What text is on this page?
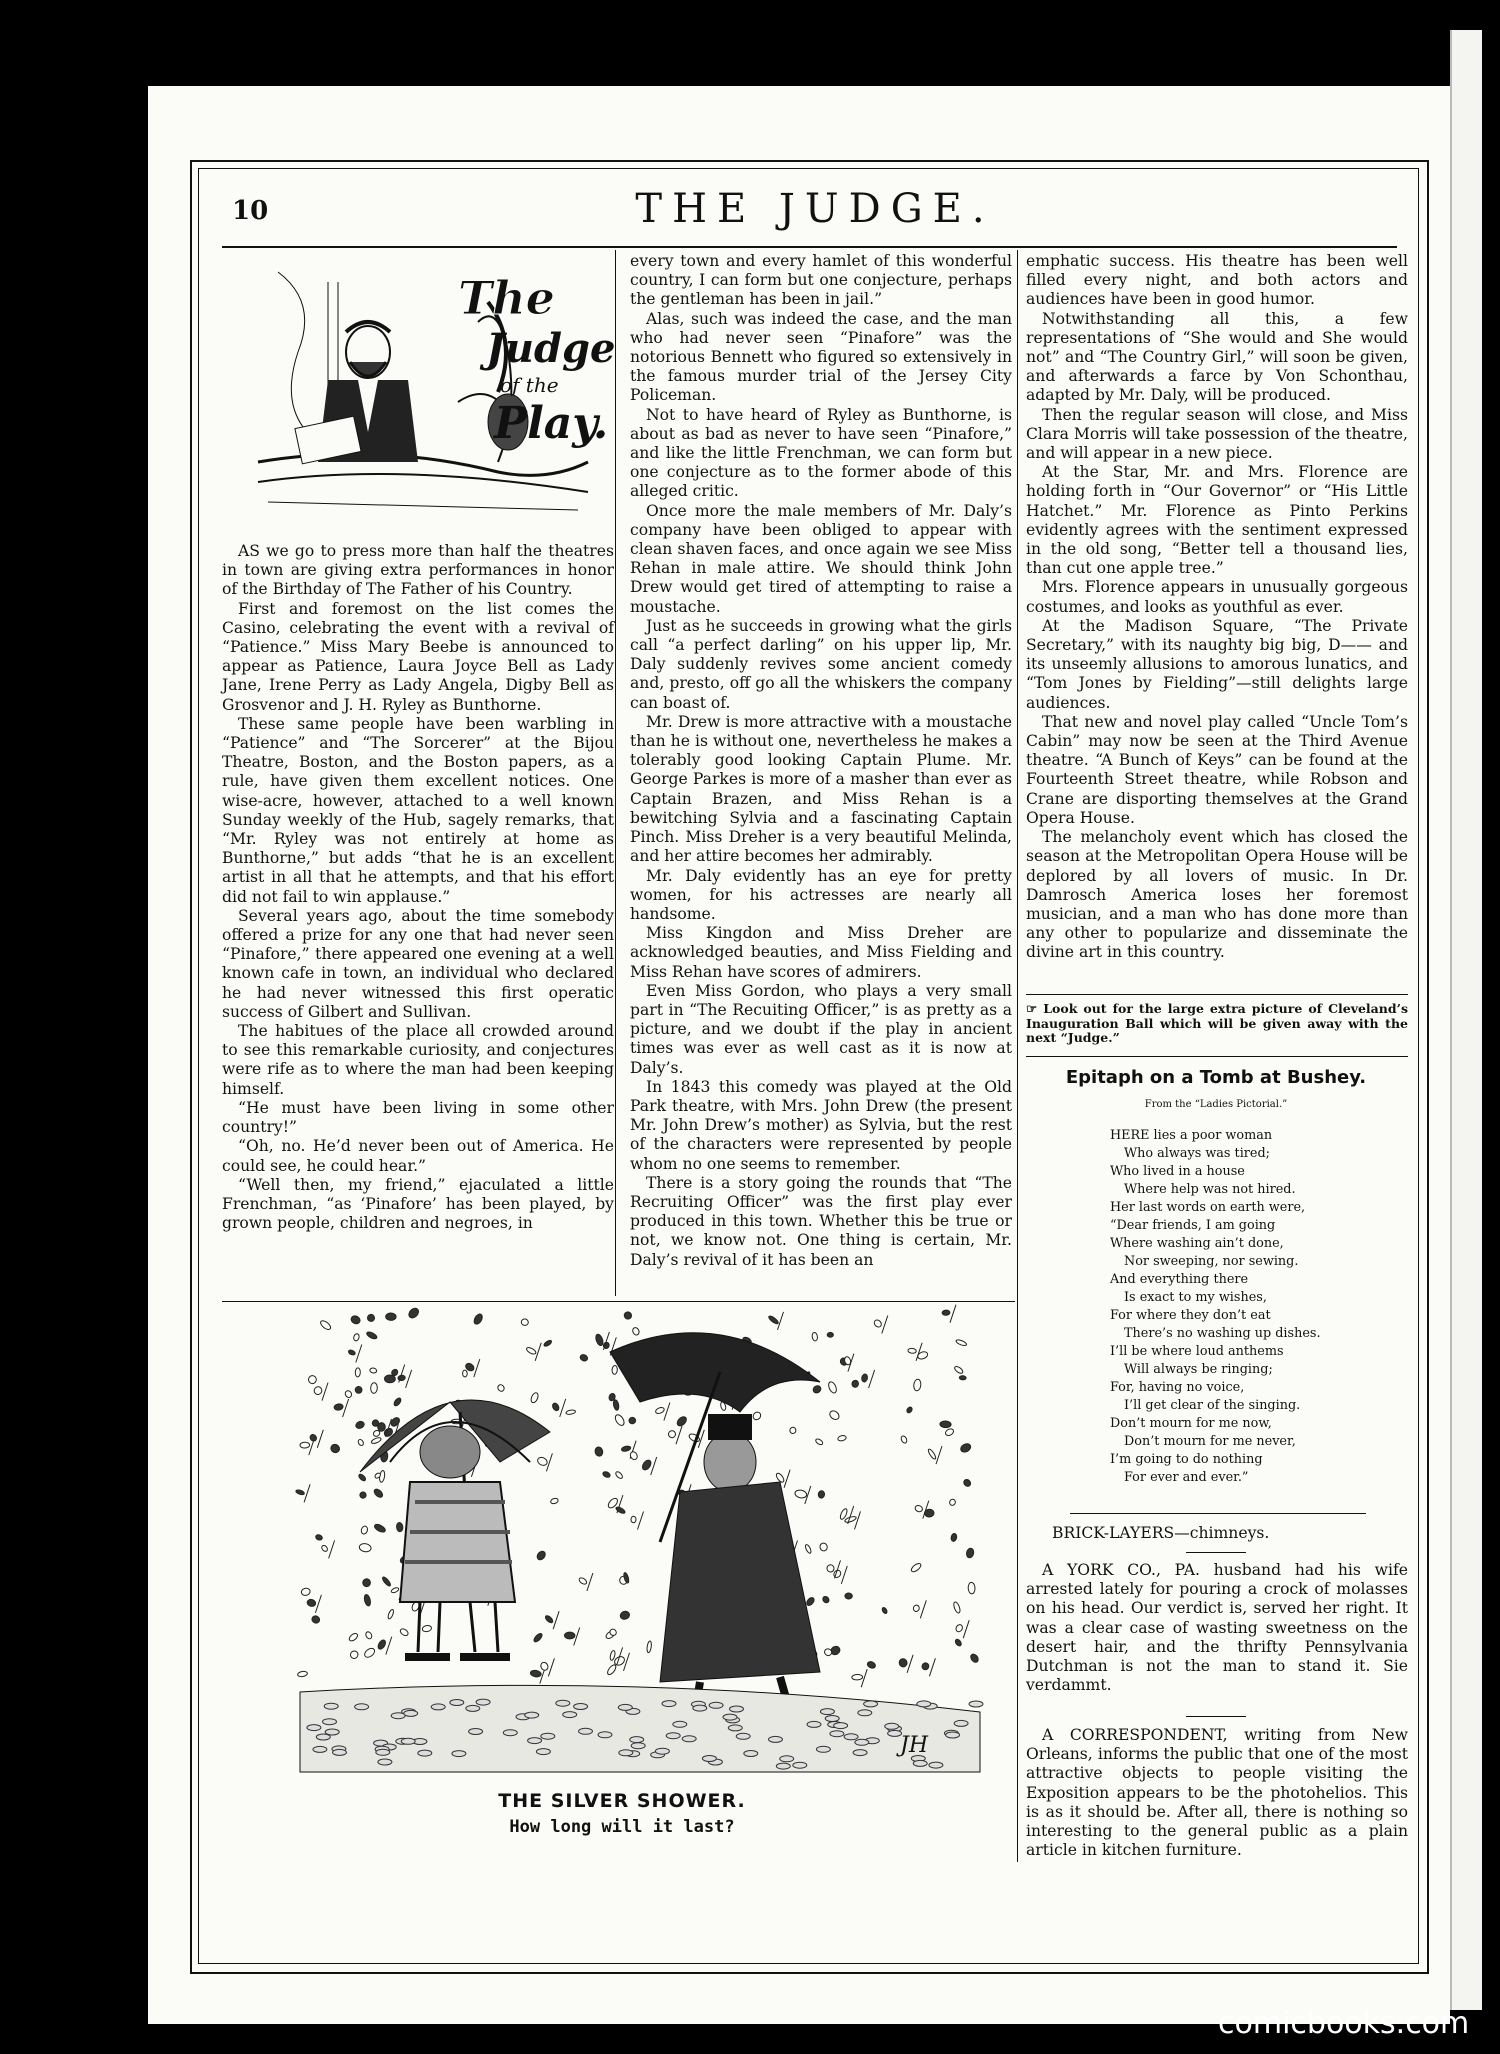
10	THE JUDGE.
The
Judge
of the
Play.

AS we go to press more than half the theatres in town are giving extra performances in honor of the Birthday of The Father of his Country.

First and foremost on the list comes the Casino, celebrating the event with a revival of “Patience.” Miss Mary Beebe is announced to appear as Patience, Laura Joyce Bell as Lady Jane, Irene Perry as Lady Angela, Digby Bell as Grosvenor and J. H. Ryley as Bunthorne.

These same people have been warbling in “Patience” and “The Sorcerer” at the Bijou Theatre, Boston, and the Boston papers, as a rule, have given them excellent notices. One wise-acre, however, attached to a well known Sunday weekly of the Hub, sagely remarks, that “Mr. Ryley was not entirely at home as Bunthorne,” but adds “that he is an excellent artist in all that he attempts, and that his effort did not fail to win applause.”

Several years ago, about the time somebody offered a prize for any one that had never seen “Pinafore,” there appeared one evening at a well known cafe in town, an individual who declared he had never witnessed this first operatic success of Gilbert and Sullivan.

The habitues of the place all crowded around to see this remarkable curiosity, and conjectures were rife as to where the man had been keeping himself.

“He must have been living in some other country!”

“Oh, no. He’d never been out of America. He could see, he could hear.”

“Well then, my friend,” ejaculated a little Frenchman, “as ‘Pinafore’ has been played, by grown people, children and negroes, in

every town and every hamlet of this wonderful country, I can form but one conjecture, perhaps the gentleman has been in jail.”

Alas, such was indeed the case, and the man who had never seen “Pinafore” was the notorious Bennett who figured so extensively in the famous murder trial of the Jersey City Policeman.

Not to have heard of Ryley as Bunthorne, is about as bad as never to have seen “Pinafore,” and like the little Frenchman, we can form but one conjecture as to the former abode of this alleged critic.

Once more the male members of Mr. Daly’s company have been obliged to appear with clean shaven faces, and once again we see Miss Rehan in male attire. We should think John Drew would get tired of attempting to raise a moustache.

Just as he succeeds in growing what the girls call “a perfect darling” on his upper lip, Mr. Daly suddenly revives some ancient comedy and, presto, off go all the whiskers the company can boast of.

Mr. Drew is more attractive with a moustache than he is without one, nevertheless he makes a tolerably good looking Captain Plume. Mr. George Parkes is more of a masher than ever as Captain Brazen, and Miss Rehan is a bewitching Sylvia and a fascinating Captain Pinch. Miss Dreher is a very beautiful Melinda, and her attire becomes her admirably.

Mr. Daly evidently has an eye for pretty women, for his actresses are nearly all handsome.

Miss Kingdon and Miss Dreher are acknowledged beauties, and Miss Fielding and Miss Rehan have scores of admirers.

Even Miss Gordon, who plays a very small part in “The Recuiting Officer,” is as pretty as a picture, and we doubt if the play in ancient times was ever as well cast as it is now at Daly’s.

In 1843 this comedy was played at the Old Park theatre, with Mrs. John Drew (the present Mr. John Drew’s mother) as Sylvia, but the rest of the characters were represented by people whom no one seems to remember.

There is a story going the rounds that “The Recruiting Officer” was the first play ever produced in this town. Whether this be true or not, we know not. One thing is certain, Mr. Daly’s revival of it has been an

emphatic success. His theatre has been well filled every night, and both actors and audiences have been in good humor.

Notwithstanding all this, a few representations of “She would and She would not” and “The Country Girl,” will soon be given, and afterwards a farce by Von Schonthau, adapted by Mr. Daly, will be produced.

Then the regular season will close, and Miss Clara Morris will take possession of the theatre, and will appear in a new piece.

At the Star, Mr. and Mrs. Florence are holding forth in “Our Governor” or “His Little Hatchet.” Mr. Florence as Pinto Perkins evidently agrees with the sentiment expressed in the old song, “Better tell a thousand lies, than cut one apple tree.”

Mrs. Florence appears in unusually gorgeous costumes, and looks as youthful as ever.

At the Madison Square, “The Private Secretary,” with its naughty big big, D—— and its unseemly allusions to amorous lunatics, and “Tom Jones by Fielding”—still delights large audiences.

That new and novel play called “Uncle Tom’s Cabin” may now be seen at the Third Avenue theatre. “A Bunch of Keys” can be found at the Fourteenth Street theatre, while Robson and Crane are disporting themselves at the Grand Opera House.

The melancholy event which has closed the season at the Metropolitan Opera House will be deplored by all lovers of music. In Dr. Damrosch America loses her foremost musician, and a man who has done more than any other to popularize and disseminate the divine art in this country.

☞ Look out for the large extra picture of Cleveland’s Inauguration Ball which will be given away with the next “Judge.”
Epitaph on a Tomb at Bushey.
From the “Ladies Pictorial.”
HERE lies a poor woman
Who always was tired;
Who lived in a house
Where help was not hired.
Her last words on earth were,
“Dear friends, I am going
Where washing ain’t done,
Nor sweeping, nor sewing.
And everything there
Is exact to my wishes,
For where they don’t eat
There’s no washing up dishes.
I’ll be where loud anthems
Will always be ringing;
For, having no voice,
I’ll get clear of the singing.
Don’t mourn for me now,
Don’t mourn for me never,
I’m going to do nothing
For ever and ever.”

BRICK-LAYERS—chimneys.

A YORK CO., PA. husband had his wife arrested lately for pouring a crock of molasses on his head. Our verdict is, served her right. It was a clear case of wasting sweetness on the desert hair, and the thrifty Pennsylvania Dutchman is not the man to stand it. Sie verdammt.

A CORRESPONDENT, writing from New Orleans, informs the public that one of the most attractive objects to people visiting the Exposition appears to be the photohelios. This is as it should be. After all, there is nothing so interesting to the general public as a plain article in kitchen furniture.

JH
THE SILVER SHOWER.
How long will it last?
comicbooks.com
